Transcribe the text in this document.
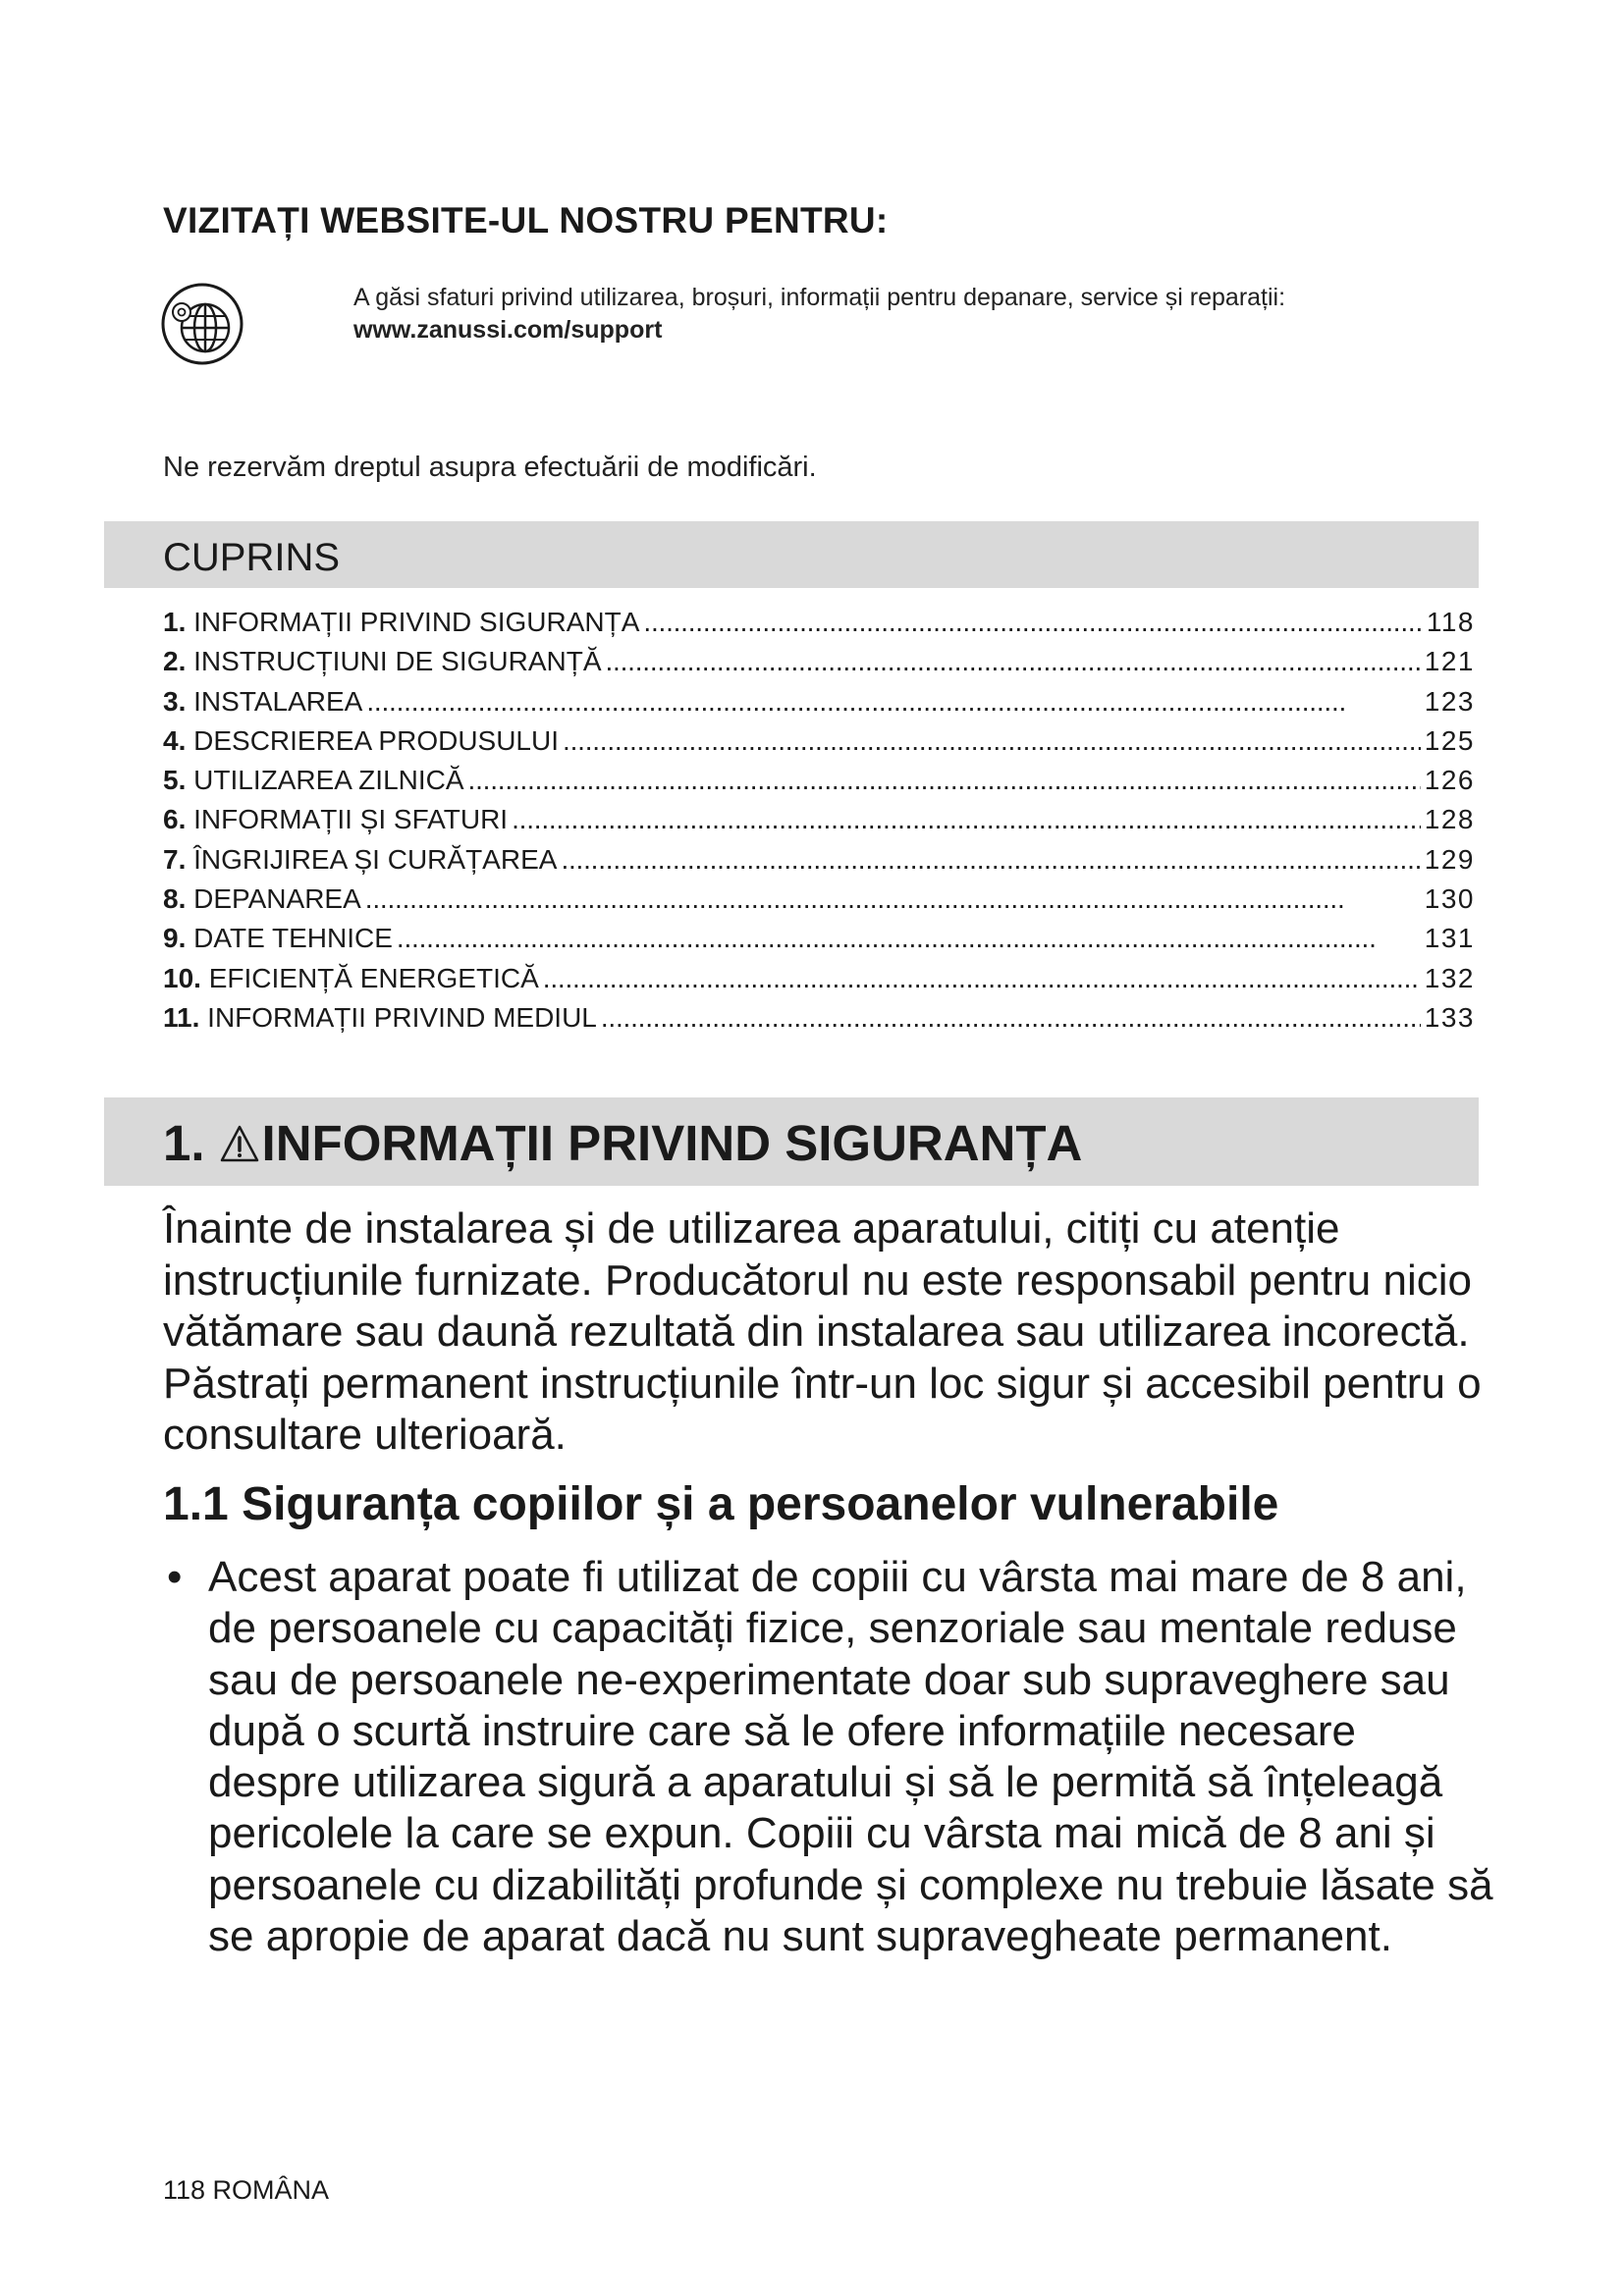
VIZITAȚI WEBSITE-UL NOSTRU PENTRU:
A găsi sfaturi privind utilizarea, broșuri, informații pentru depanare, service și reparații:
www.zanussi.com/support
Ne rezervăm dreptul asupra efectuării de modificări.
CUPRINS
1.
INFORMAȚII PRIVIND SIGURANȚA . . .	118
2.
INSTRUCȚIUNI DE SIGURANȚĂ . . .	121
3.
INSTALAREA . . .	123
4.
DESCRIEREA PRODUSULUI . . .	125
5.
UTILIZAREA ZILNICĂ . . .	126
6.
INFORMAȚII ȘI SFATURI . . .	128
7.
ÎNGRIJIREA ȘI CURĂȚAREA . . .	129
8.
DEPANAREA . . .	130
9.
DATE TEHNICE . . .	131
10.
EFICIENȚĂ ENERGETICĂ . . .	132
11.
INFORMAȚII PRIVIND MEDIUL . . .	133
1. INFORMAȚII PRIVIND SIGURANȚA
Înainte de instalarea și de utilizarea aparatului, citiți cu atenție instrucțiunile furnizate. Producătorul nu este responsabil pentru nicio vătămare sau daună rezultată din instalarea sau utilizarea incorectă. Păstrați permanent instrucțiunile într-un loc sigur și accesibil pentru o consultare ulterioară.
1.1 Siguranța copiilor și a persoanelor vulnerabile
• Acest aparat poate fi utilizat de copiii cu vârsta mai mare de 8 ani, de persoanele cu capacități fizice, senzoriale sau mentale reduse sau de persoanele ne-experimentate doar sub supraveghere sau după o scurtă instruire care să le ofere informațiile necesare despre utilizarea sigură a aparatului și să le permită să înțeleagă pericolele la care se expun. Copiii cu vârsta mai mică de 8 ani și persoanele cu dizabilități profunde și complexe nu trebuie lăsate să se apropie de aparat dacă nu sunt supravegheate permanent.
118 ROMÂNA
